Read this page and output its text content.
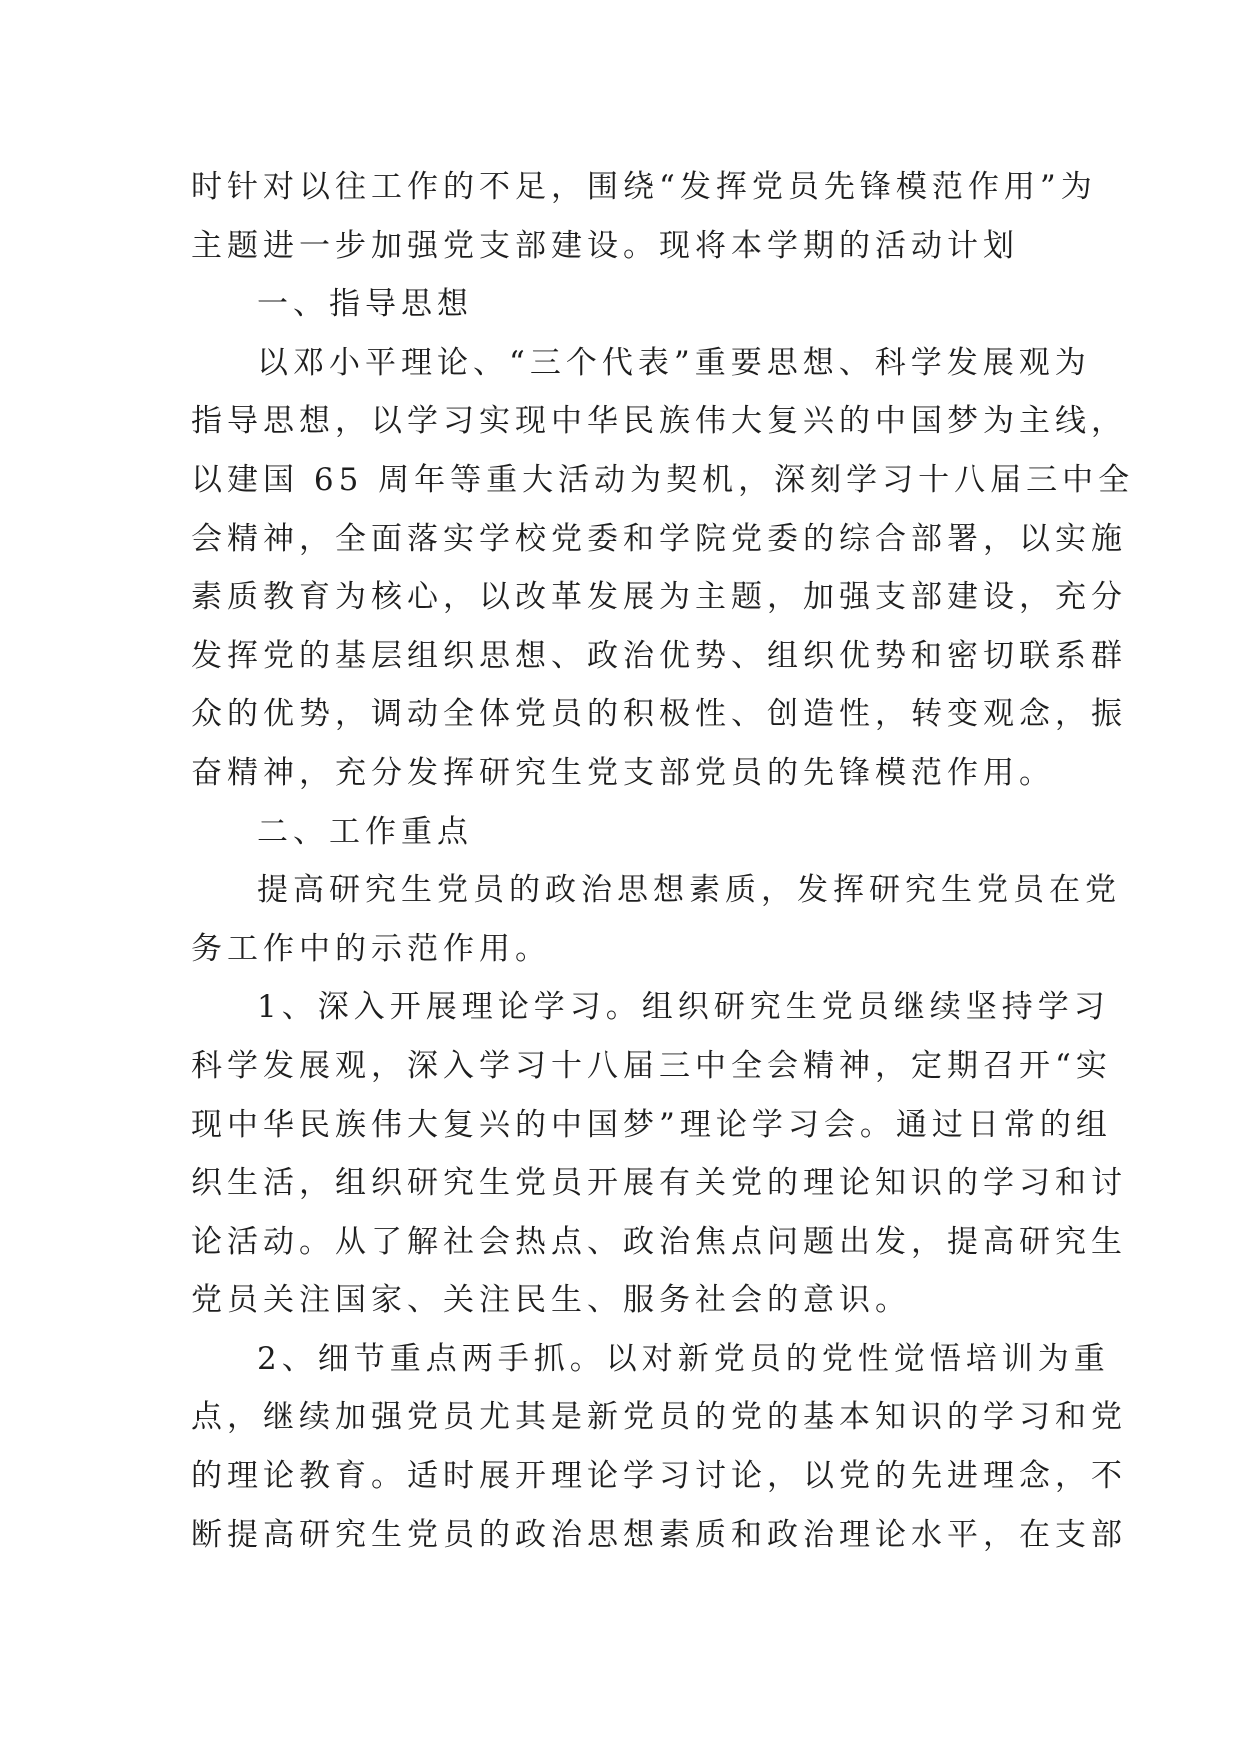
时针对以往工作的不足，围绕“发挥党员先锋模范作用”为
主题进一步加强党支部建设。现将本学期的活动计划
一、指导思想
以邓小平理论、“三个代表”重要思想、科学发展观为
指导思想，以学习实现中华民族伟大复兴的中国梦为主线，
以建国 65 周年等重大活动为契机，深刻学习十八届三中全
会精神，全面落实学校党委和学院党委的综合部署，以实施
素质教育为核心，以改革发展为主题，加强支部建设，充分
发挥党的基层组织思想、政治优势、组织优势和密切联系群
众的优势，调动全体党员的积极性、创造性，转变观念，振
奋精神，充分发挥研究生党支部党员的先锋模范作用。
二、工作重点
提高研究生党员的政治思想素质，发挥研究生党员在党
务工作中的示范作用。
1、深入开展理论学习。组织研究生党员继续坚持学习
科学发展观，深入学习十八届三中全会精神，定期召开“实
现中华民族伟大复兴的中国梦”理论学习会。通过日常的组
织生活，组织研究生党员开展有关党的理论知识的学习和讨
论活动。从了解社会热点、政治焦点问题出发，提高研究生
党员关注国家、关注民生、服务社会的意识。
2、细节重点两手抓。以对新党员的党性觉悟培训为重
点，继续加强党员尤其是新党员的党的基本知识的学习和党
的理论教育。适时展开理论学习讨论，以党的先进理念，不
断提高研究生党员的政治思想素质和政治理论水平，在支部
